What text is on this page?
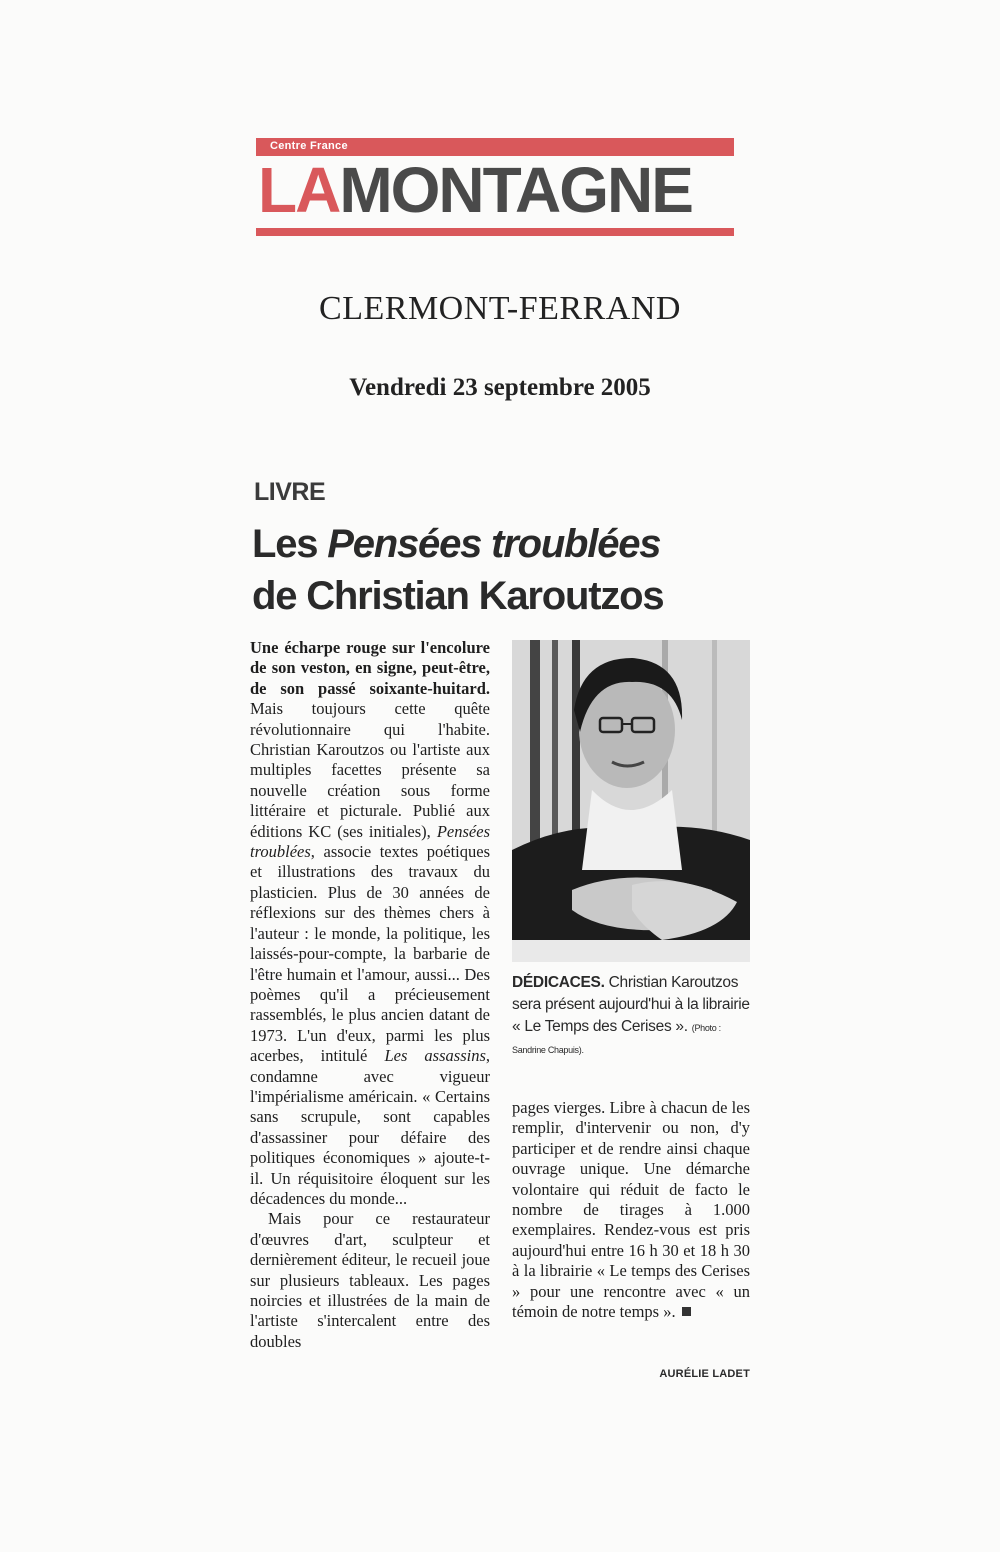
Centre France
LAMONTAGNE
CLERMONT-FERRAND
Vendredi 23 septembre 2005
LIVRE
Les Pensées troublées
de Christian Karoutzos

Une écharpe rouge sur l'encolure de son veston, en signe, peut-être, de son passé soixante-huitard. Mais toujours cette quête révolutionnaire qui l'habite. Christian Karoutzos ou l'artiste aux multiples facettes présente sa nouvelle création sous forme littéraire et picturale. Publié aux éditions KC (ses initiales), Pensées troublées, associe textes poétiques et illustrations des travaux du plasticien. Plus de 30 années de réflexions sur des thèmes chers à l'auteur : le monde, la politique, les laissés-pour-compte, la barbarie de l'être humain et l'amour, aussi... Des poèmes qu'il a précieusement rassemblés, le plus ancien datant de 1973. L'un d'eux, parmi les plus acerbes, intitulé Les assassins, condamne avec vigueur l'impérialisme américain. « Certains sans scrupule, sont capables d'assassiner pour défaire des politiques économiques » ajoute-t-il. Un réquisitoire éloquent sur les décadences du monde...

Mais pour ce restaurateur d'œuvres d'art, sculpteur et dernièrement éditeur, le recueil joue sur plusieurs tableaux. Les pages noircies et illustrées de la main de l'artiste s'intercalent entre des doubles

DÉDICACES. Christian Karoutzos sera présent aujourd'hui à la librairie « Le Temps des Cerises ». (Photo : Sandrine Chapuis).

pages vierges. Libre à chacun de les remplir, d'intervenir ou non, d'y participer et de rendre ainsi chaque ouvrage unique. Une démarche volontaire qui réduit de facto le nombre de tirages à 1.000 exemplaires. Rendez-vous est pris aujourd'hui entre 16 h 30 et 18 h 30 à la librairie « Le temps des Cerises » pour une rencontre avec « un témoin de notre temps ».

AURÉLIE LADET
